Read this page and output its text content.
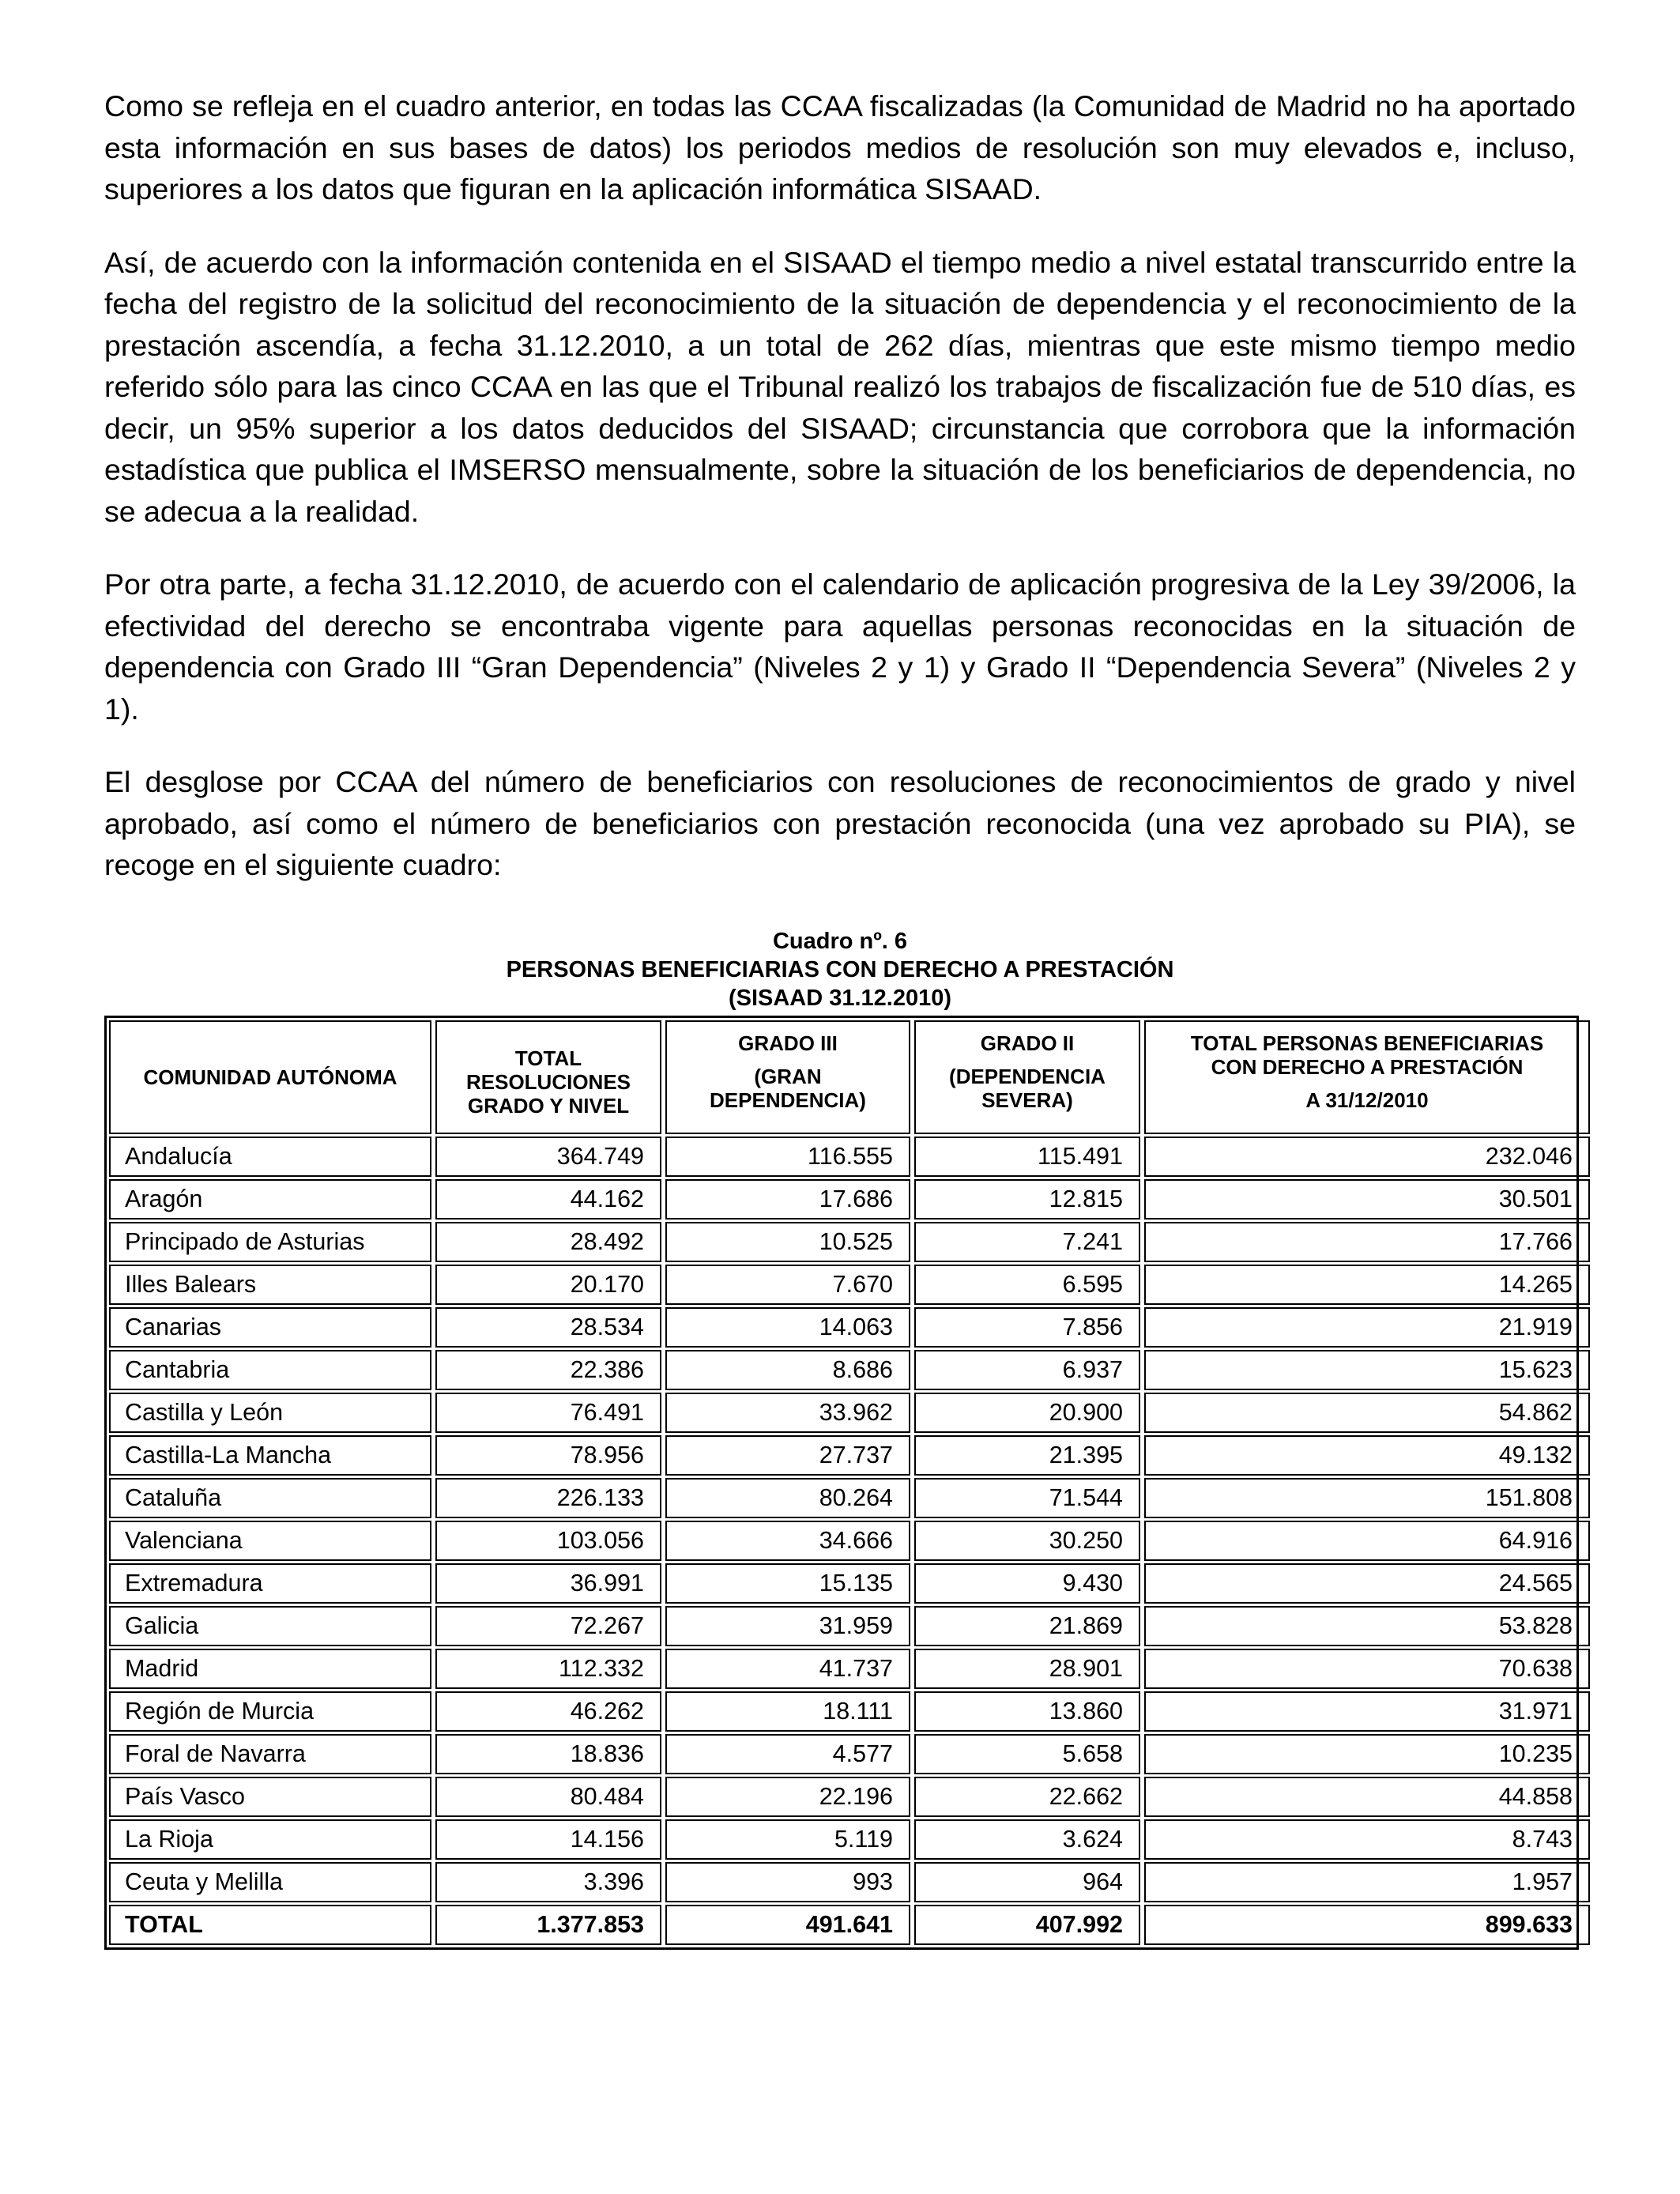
Como se refleja en el cuadro anterior, en todas las CCAA fiscalizadas (la Comunidad de Madrid no ha aportado esta información en sus bases de datos) los periodos medios de resolución son muy elevados e, incluso, superiores a los datos que figuran en la aplicación informática SISAAD.

Así, de acuerdo con la información contenida en el SISAAD el tiempo medio a nivel estatal transcurrido entre la fecha del registro de la solicitud del reconocimiento de la situación de dependencia y el reconocimiento de la prestación ascendía, a fecha 31.12.2010, a un total de 262 días, mientras que este mismo tiempo medio referido sólo para las cinco CCAA en las que el Tribunal realizó los trabajos de fiscalización fue de 510 días, es decir, un 95% superior a los datos deducidos del SISAAD; circunstancia que corrobora que la información estadística que publica el IMSERSO mensualmente, sobre la situación de los beneficiarios de dependencia, no se adecua a la realidad.

Por otra parte, a fecha 31.12.2010, de acuerdo con el calendario de aplicación progresiva de la Ley 39/2006, la efectividad del derecho se encontraba vigente para aquellas personas reconocidas en la situación de dependencia con Grado III “Gran Dependencia” (Niveles 2 y 1) y Grado II “Dependencia Severa” (Niveles 2 y 1).

El desglose por CCAA del número de beneficiarios con resoluciones de reconocimientos de grado y nivel aprobado, así como el número de beneficiarios con prestación reconocida (una vez aprobado su PIA), se recoge en el siguiente cuadro:

Cuadro nº. 6
PERSONAS BENEFICIARIAS CON DERECHO A PRESTACIÓN
(SISAAD 31.12.2010)
COMUNIDAD AUTÓNOMA	TOTAL
RESOLUCIONES
GRADO Y NIVEL	GRADO III
(GRAN
DEPENDENCIA)	GRADO II
(DEPENDENCIA
SEVERA)	TOTAL PERSONAS BENEFICIARIAS
CON DERECHO A PRESTACIÓN
A 31/12/2010

Andalucía	364.749	116.555	115.491	232.046
Aragón	44.162	17.686	12.815	30.501
Principado de Asturias	28.492	10.525	7.241	17.766
Illes Balears	20.170	7.670	6.595	14.265
Canarias	28.534	14.063	7.856	21.919
Cantabria	22.386	8.686	6.937	15.623
Castilla y León	76.491	33.962	20.900	54.862
Castilla-La Mancha	78.956	27.737	21.395	49.132
Cataluña	226.133	80.264	71.544	151.808
Valenciana	103.056	34.666	30.250	64.916
Extremadura	36.991	15.135	9.430	24.565
Galicia	72.267	31.959	21.869	53.828
Madrid	112.332	41.737	28.901	70.638
Región de Murcia	46.262	18.111	13.860	31.971
Foral de Navarra	18.836	4.577	5.658	10.235
País Vasco	80.484	22.196	22.662	44.858
La Rioja	14.156	5.119	3.624	8.743
Ceuta y Melilla	3.396	993	964	1.957
TOTAL	1.377.853	491.641	407.992	899.633
